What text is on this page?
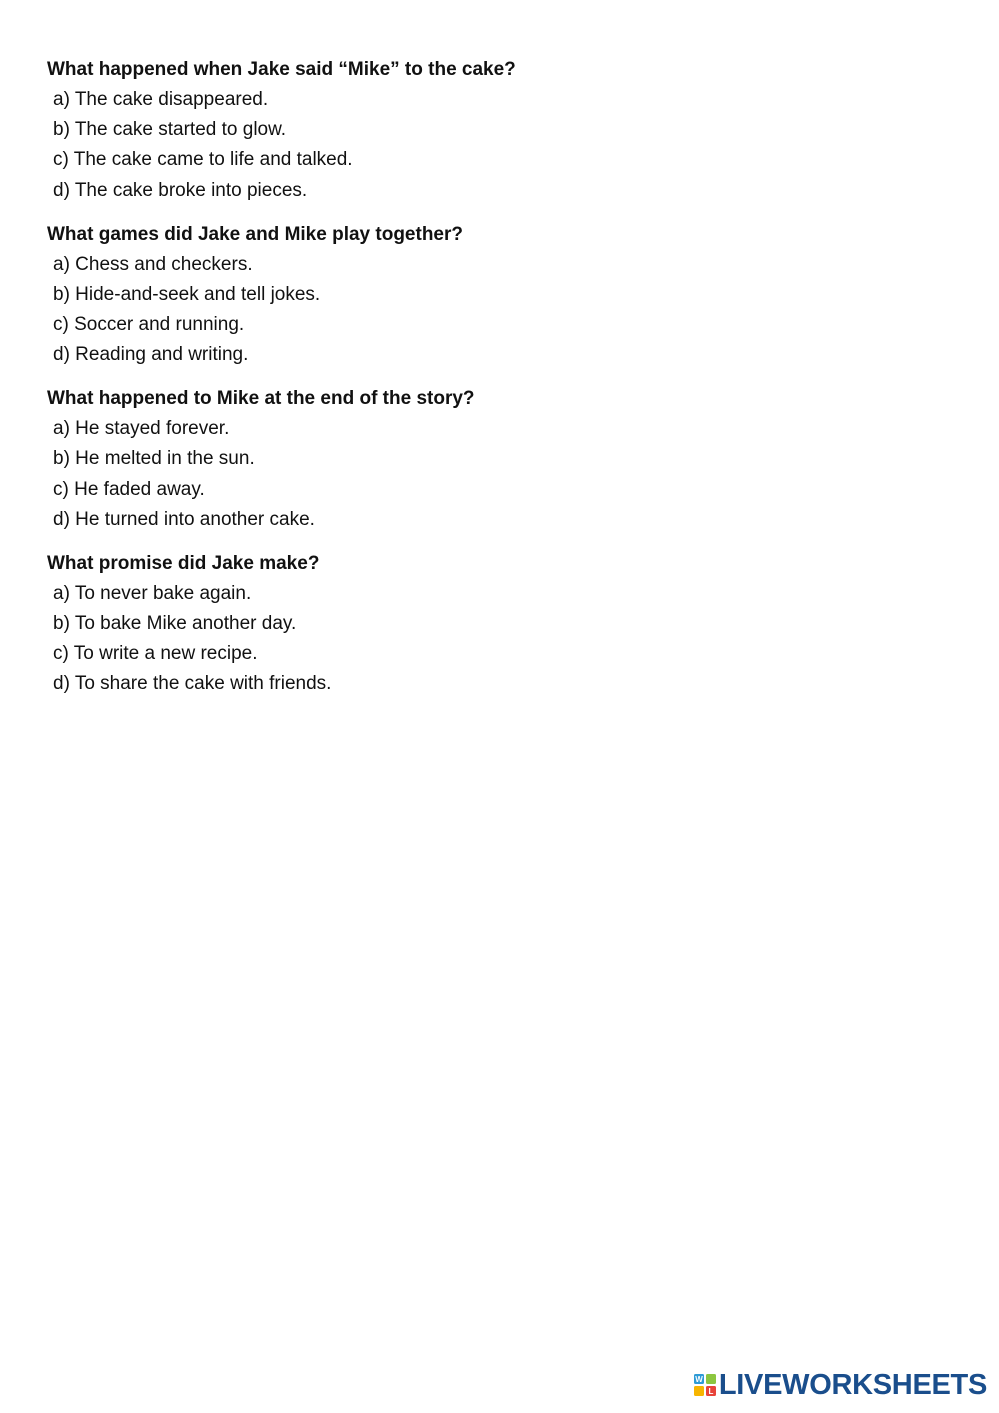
What happened when Jake said “Mike” to the cake?
a) The cake disappeared.
b) The cake started to glow.
c) The cake came to life and talked.
d) The cake broke into pieces.
What games did Jake and Mike play together?
a) Chess and checkers.
b) Hide-and-seek and tell jokes.
c) Soccer and running.
d) Reading and writing.
What happened to Mike at the end of the story?
a) He stayed forever.
b) He melted in the sun.
c) He faded away.
d) He turned into another cake.
What promise did Jake make?
a) To never bake again.
b) To bake Mike another day.
c) To write a new recipe.
d) To share the cake with friends.
L
W LIVEWORKSHEETS
